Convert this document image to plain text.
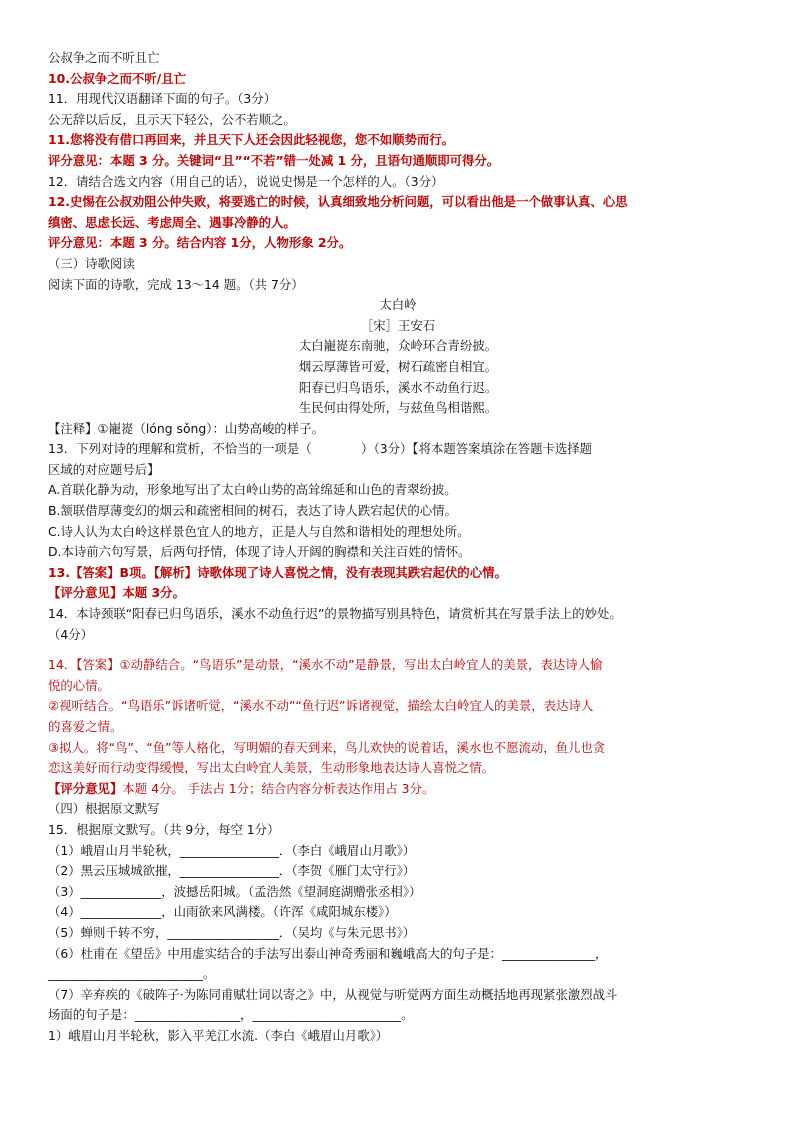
公叔争之而不听且亡
10.公叔争之而不听/且亡
11．用现代汉语翻译下面的句子。（3分）
公无辞以后反，且示天下轻公，公不若顺之。
11.您将没有借口再回来，并且天下人还会因此轻视您，您不如顺势而行。
评分意见：本题 3 分。关键词“且”“不若”错一处减 1 分，且语句通顺即可得分。
12．请结合选文内容（用自己的话），说说史惕是一个怎样的人。（3分）
12.史惕在公叔劝阻公仲失败，将要逃亡的时候，认真细致地分析问题，可以看出他是一个做事认真、心思
缜密、思虑长远、考虑周全、遇事冷静的人。
评分意见：本题 3 分。结合内容 1分，人物形象 2分。
（三）诗歌阅读
阅读下面的诗歌，完成 13～14 题。（共 7分）
太白岭
［宋］王安石
太白巃嵸东南驰，众岭环合青纷披。
烟云厚薄皆可爱，树石疏密自相宜。
阳春已归鸟语乐，溪水不动鱼行迟。
生民何由得处所，与兹鱼鸟相谐熙。
【注释】①巃嵸（lóng sǒng）：山势高峻的样子。
13．下列对诗的理解和赏析，不恰当的一项是（　　　　）（3分）【将本题答案填涂在答题卡选择题
区域的对应题号后】
A.首联化静为动，形象地写出了太白岭山势的高耸绵延和山色的青翠纷披。
B.颔联借厚薄变幻的烟云和疏密相间的树石，表达了诗人跌宕起伏的心情。
C.诗人认为太白岭这样景色宜人的地方，正是人与自然和谐相处的理想处所。
D.本诗前六句写景，后两句抒情，体现了诗人开阔的胸襟和关注百姓的情怀。
13.【答案】B项。【解析】诗歌体现了诗人喜悦之情，没有表现其跌宕起伏的心情。
【评分意见】本题 3分。
14．本诗颈联“阳春已归鸟语乐，溪水不动鱼行迟”的景物描写别具特色，请赏析其在写景手法上的妙处。
（4分）
14．【答案】①动静结合。“鸟语乐”是动景，“溪水不动”是静景，写出太白岭宜人的美景，表达诗人愉
悦的心情。
②视听结合。“鸟语乐”诉诸听觉，“溪水不动”“鱼行迟”诉诸视觉，描绘太白岭宜人的美景，表达诗人
的喜爱之情。
③拟人。将“鸟”、“鱼”等人格化，写明媚的春天到来，鸟儿欢快的说着话，溪水也不愿流动，鱼儿也贪
恋这美好而行动变得缓慢，写出太白岭宜人美景，生动形象地表达诗人喜悦之情。
【评分意见】本题 4分。 手法占 1分；结合内容分析表达作用占 3分。
（四）根据原文默写
15．根据原文默写。（共 9分，每空 1分）
（1）峨眉山月半轮秋，________________．（李白《峨眉山月歌》）
（2）黑云压城城欲摧，________________．（李贺《雁门太守行》）
（3）_____________，波撼岳阳城。（孟浩然《望洞庭湖赠张丞相》）
（4）_____________，山雨欲来风满楼。（许浑《咸阳城东楼》）
（5）蝉则千转不穷，__________________．（吴均《与朱元思书》）
（6）杜甫在《望岳》中用虚实结合的手法写出泰山神奇秀丽和巍峨高大的句子是：_______________，
_________________________。
（7）辛弃疾的《破阵子·为陈同甫赋壮词以寄之》中，从视觉与听觉两方面生动概括地再现紧张激烈战斗
场面的句子是：_________________，________________________。
1）峨眉山月半轮秋，影入平羌江水流.（李白《峨眉山月歌》）
